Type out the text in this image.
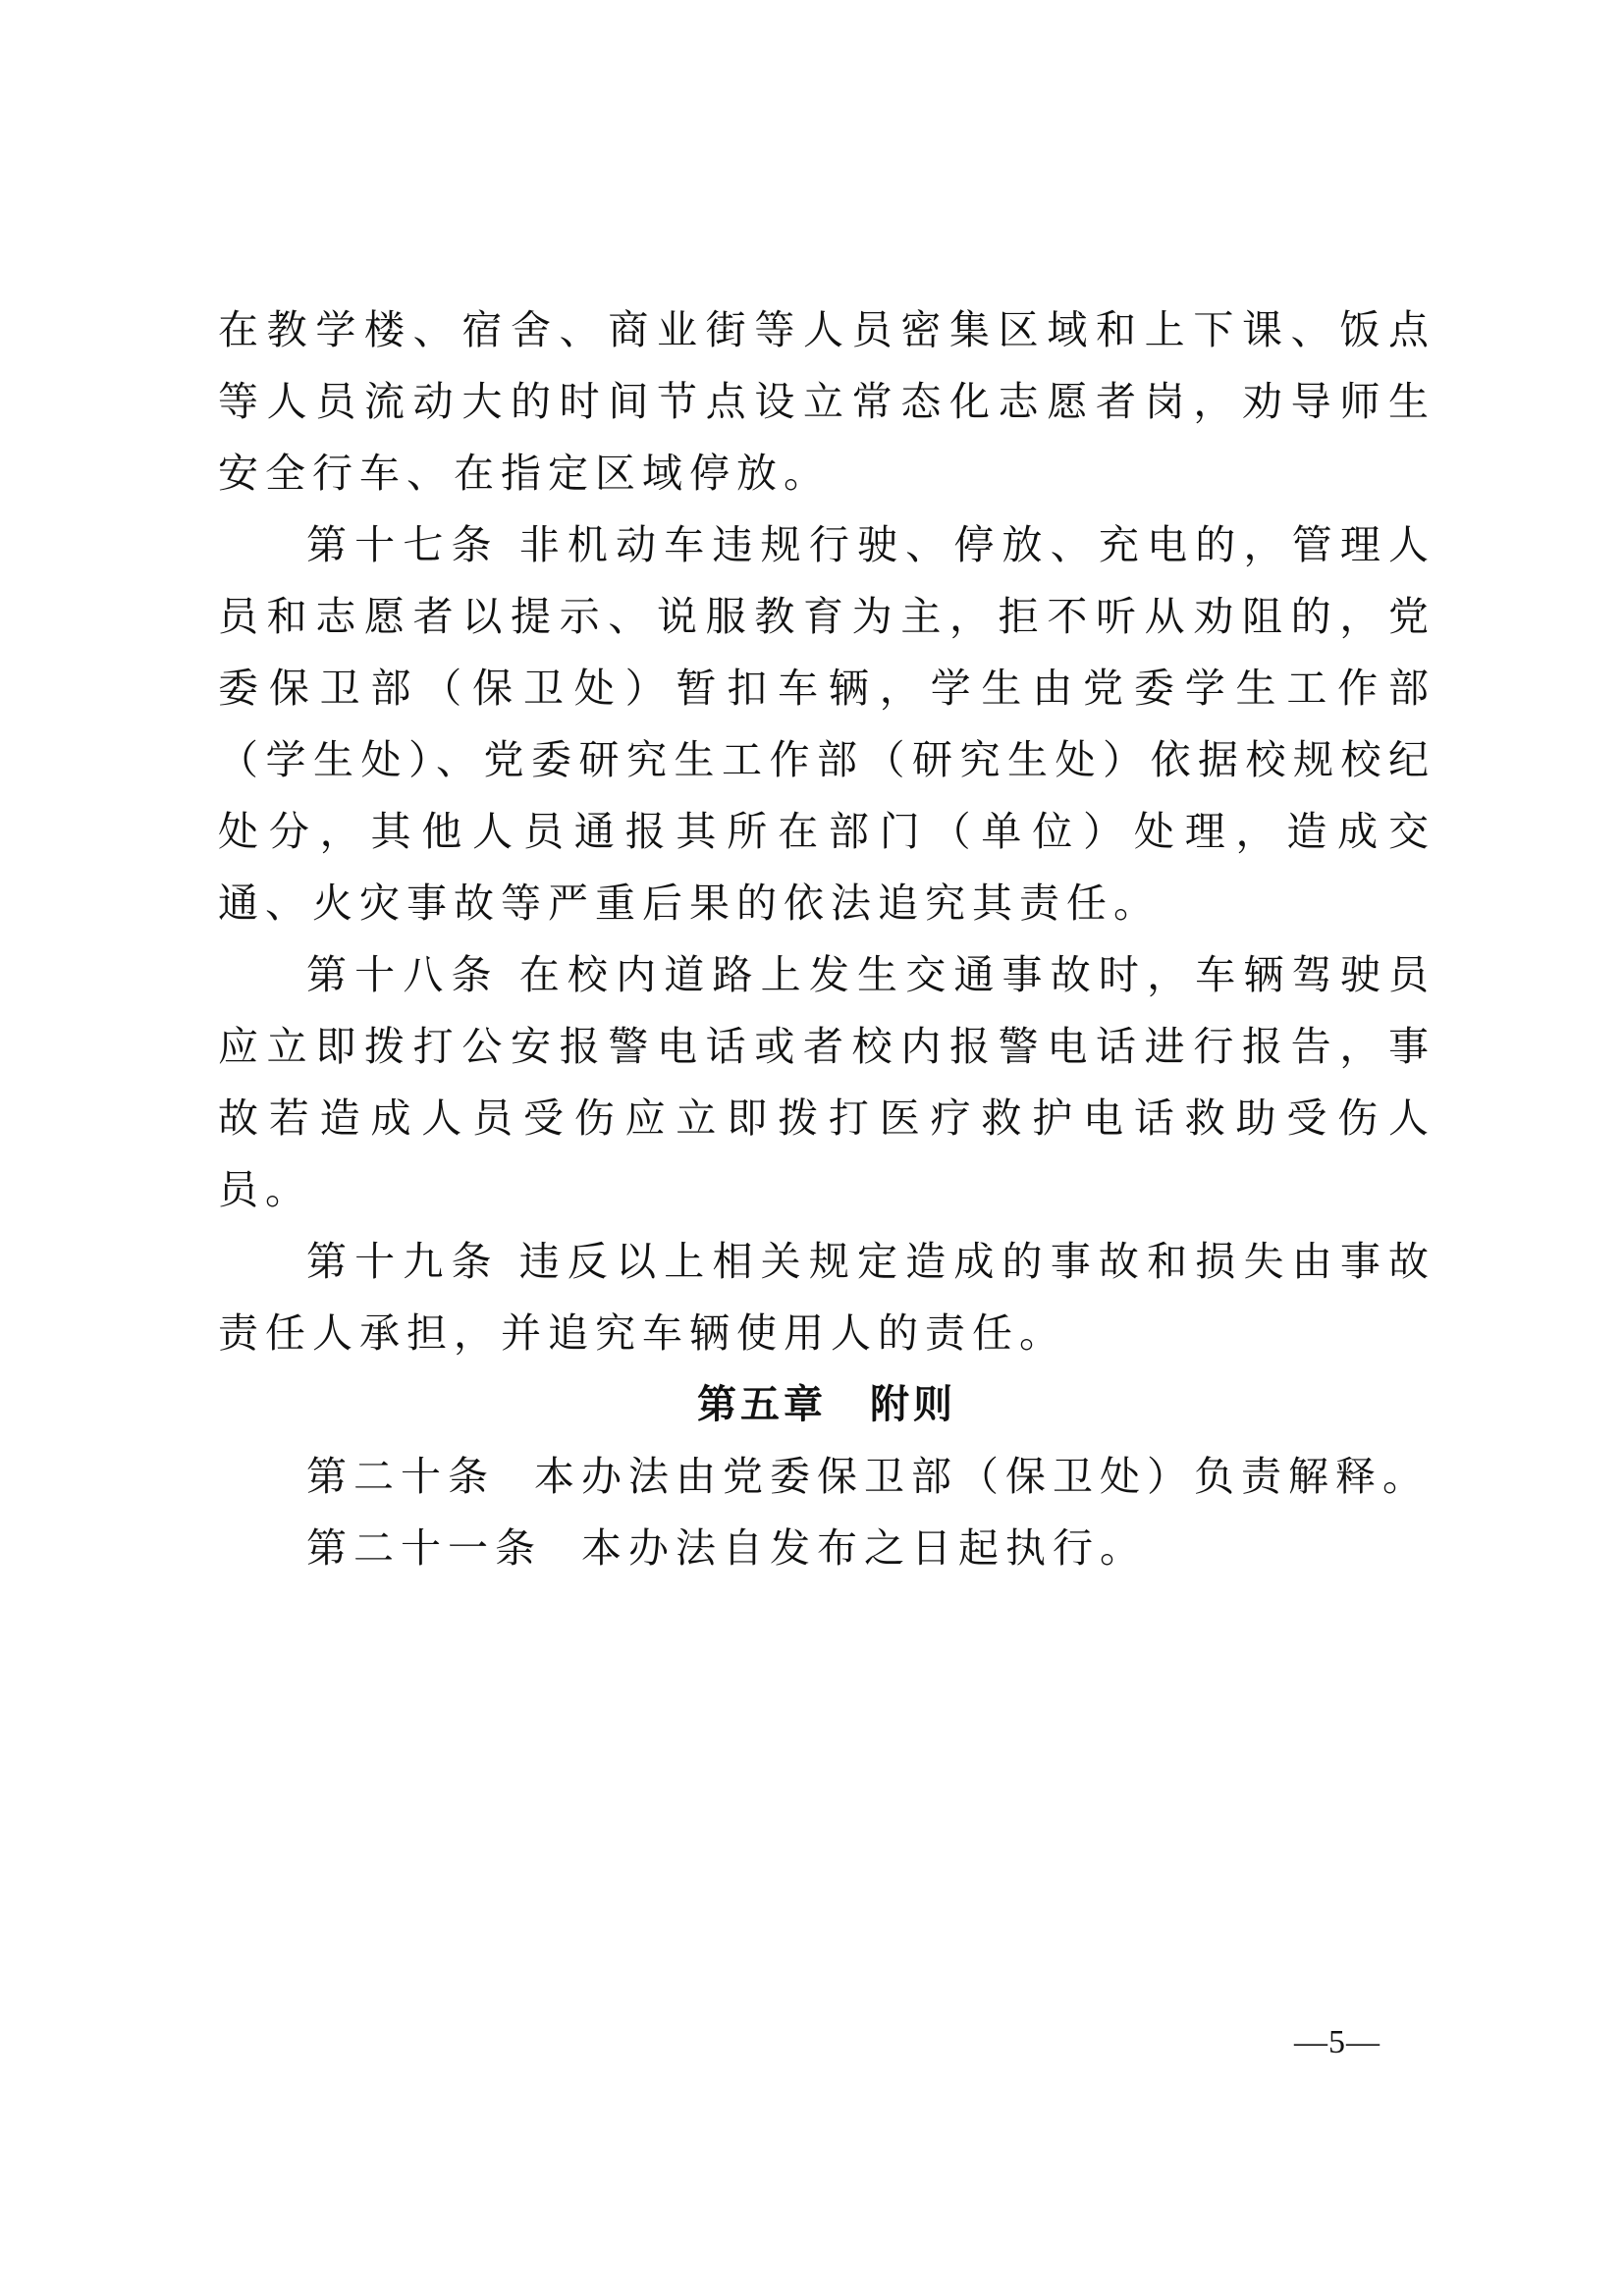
在教学楼、宿舍、商业街等人员密集区域和上下课、饭点等人员流动大的时间节点设立常态化志愿者岗，劝导师生安全行车、在指定区域停放。

第十七条 非机动车违规行驶、停放、充电的，管理人员和志愿者以提示、说服教育为主，拒不听从劝阻的，党委保卫部（保卫处）暂扣车辆，学生由党委学生工作部（学生处）、党委研究生工作部（研究生处）依据校规校纪处分，其他人员通报其所在部门（单位）处理，造成交通、火灾事故等严重后果的依法追究其责任。

第十八条 在校内道路上发生交通事故时，车辆驾驶员应立即拨打公安报警电话或者校内报警电话进行报告，事故若造成人员受伤应立即拨打医疗救护电话救助受伤人员。

第十九条 违反以上相关规定造成的事故和损失由事故责任人承担，并追究车辆使用人的责任。

第五章 附则

第二十条 本办法由党委保卫部（保卫处）负责解释。

第二十一条 本办法自发布之日起执行。

—5—
